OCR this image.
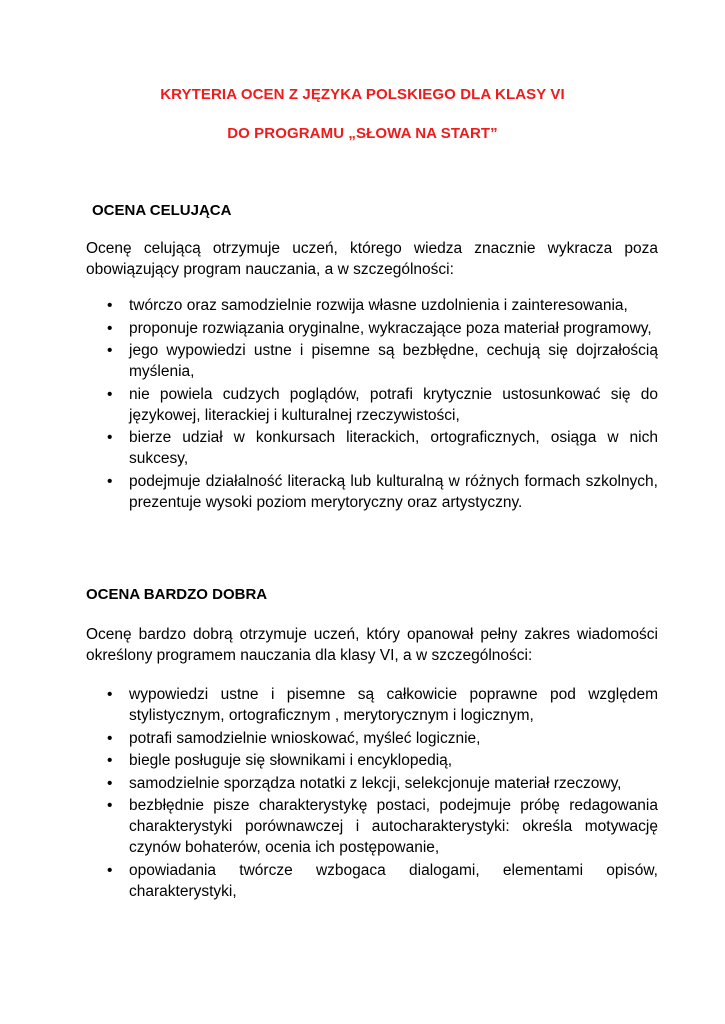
KRYTERIA OCEN Z JĘZYKA POLSKIEGO DLA KLASY VI
DO PROGRAMU „SŁOWA NA START”
OCENA CELUJĄCA
Ocenę celującą otrzymuje uczeń, którego wiedza znacznie wykracza poza obowiązujący program nauczania, a w szczególności:
• twórczo oraz samodzielnie rozwija własne uzdolnienia i zainteresowania,
• proponuje rozwiązania oryginalne, wykraczające poza materiał programowy,
• jego wypowiedzi ustne i pisemne są bezbłędne, cechują się dojrzałością myślenia,
• nie powiela cudzych poglądów, potrafi krytycznie ustosunkować się do językowej, literackiej i kulturalnej rzeczywistości,
• bierze udział w konkursach literackich, ortograficznych, osiąga w nich sukcesy,
• podejmuje działalność literacką lub kulturalną w różnych formach szkolnych, prezentuje wysoki poziom merytoryczny oraz artystyczny.
OCENA BARDZO DOBRA
Ocenę bardzo dobrą otrzymuje uczeń, który opanował pełny zakres wiadomości określony programem nauczania dla klasy VI, a w szczególności:
• wypowiedzi ustne i pisemne są całkowicie poprawne pod względem stylistycznym, ortograficznym , merytorycznym i logicznym,
• potrafi samodzielnie wnioskować, myśleć logicznie,
• biegle posługuje się słownikami i encyklopedią,
• samodzielnie sporządza notatki z lekcji, selekcjonuje materiał rzeczowy,
• bezbłędnie pisze charakterystykę postaci, podejmuje próbę redagowania charakterystyki porównawczej i autocharakterystyki: określa motywację czynów bohaterów, ocenia ich postępowanie,
• opowiadania twórcze wzbogaca dialogami, elementami opisów, charakterystyki,
